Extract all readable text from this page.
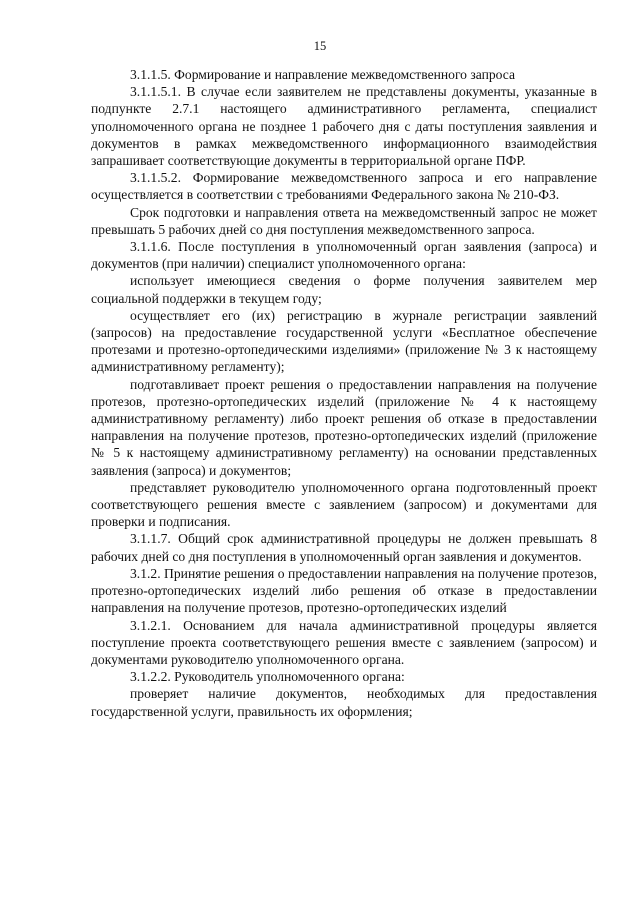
15

3.1.1.5. Формирование и направление межведомственного запроса

3.1.1.5.1. В случае если заявителем не представлены документы, указанные в подпункте 2.7.1 настоящего административного регламента, специалист уполномоченного органа не позднее 1 рабочего дня с даты поступления заявления и документов в рамках межведомственного информационного взаимодействия запрашивает соответствующие документы в территориальной органе ПФР.

3.1.1.5.2. Формирование межведомственного запроса и его направление осуществляется в соответствии с требованиями Федерального закона № 210-ФЗ.

Срок подготовки и направления ответа на межведомственный запрос не может превышать 5 рабочих дней со дня поступления межведомственного запроса.

3.1.1.6. После поступления в уполномоченный орган заявления (запроса) и документов (при наличии) специалист уполномоченного органа:

использует имеющиеся сведения о форме получения заявителем мер социальной поддержки в текущем году;

осуществляет его (их) регистрацию в журнале регистрации заявлений (запросов) на предоставление государственной услуги «Бесплатное обеспечение протезами и протезно-ортопедическими изделиями» (приложение № 3 к настоящему административному регламенту);

подготавливает проект решения о предоставлении направления на получение протезов, протезно-ортопедических изделий (приложение № 4 к настоящему административному регламенту) либо проект решения об отказе в предоставлении направления на получение протезов, протезно-ортопедических изделий (приложение № 5 к настоящему административному регламенту) на основании представленных заявления (запроса) и документов;

представляет руководителю уполномоченного органа подготовленный проект соответствующего решения вместе с заявлением (запросом) и документами для проверки и подписания.

3.1.1.7. Общий срок административной процедуры не должен превышать 8 рабочих дней со дня поступления в уполномоченный орган заявления и документов.

3.1.2. Принятие решения о предоставлении направления на получение протезов, протезно-ортопедических изделий либо решения об отказе в предоставлении направления на получение протезов, протезно-ортопедических изделий

3.1.2.1. Основанием для начала административной процедуры является поступление проекта соответствующего решения вместе с заявлением (запросом) и документами руководителю уполномоченного органа.

3.1.2.2. Руководитель уполномоченного органа:

проверяет наличие документов, необходимых для предоставления государственной услуги, правильность их оформления;
